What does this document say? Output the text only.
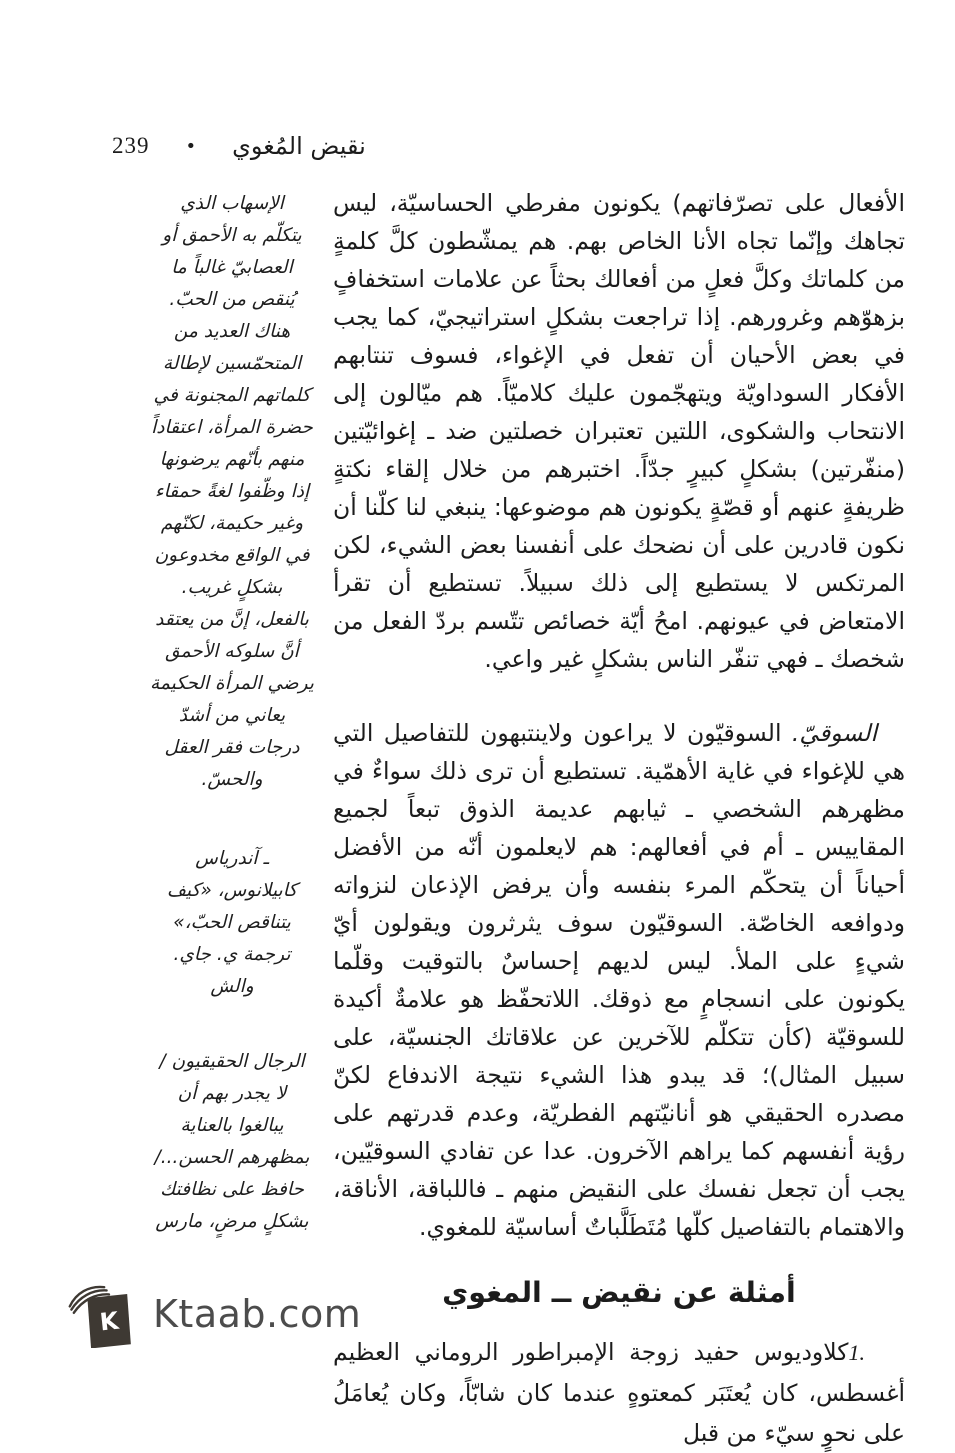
239 • نقيض المُغوي
الإسهاب الذي
يتكلّم به الأحمق أو
العصابيّ غالباً ما
يُنقص من الحبّ.
هناك العديد من
المتحمّسين لإطالة
كلماتهم المجنونة في
حضرة المرأة، اعتقاداً
منهم بأنّهم يرضونها
إذا وظّفوا لغةً حمقاء
وغير حكيمة، لكنّهم
في الواقع مخدوعون
بشكلٍ غريب.
بالفعل، إنَّ من يعتقد
أنَّ سلوكه الأحمق
يرضي المرأة الحكيمة
يعاني من أشدّ
درجات فقر العقل
والحسّ.
ـ آندرياس
كابيلانوس، «كيف
يتناقص الحبّ،»
ترجمة ي. جاي.
والش
الرجال الحقيقيون /
لا يجدر بهم أن
يبالغوا بالعناية
بمظهرهم الحسن.../
حافظ على نظافتك
بشكلٍ مرضٍ، مارس

الأفعال على تصرّفاتهم) يكونون مفرطي الحساسيّة، ليس تجاهك وإنّما تجاه الأنا الخاص بهم. هم يمشّطون كلَّ كلمةٍ من كلماتك وكلَّ فعلٍ من أفعالك بحثاً عن علامات استخفافٍ بزهوّهم وغرورهم. إذا تراجعت بشكلٍ استراتيجيّ، كما يجب في بعض الأحيان أن تفعل في الإغواء، فسوف تنتابهم الأفكار السوداويّة ويتهجّمون عليك كلاميّاً. هم ميّالون إلى الانتحاب والشكوى، اللتين تعتبران خصلتين ضد ـ إغوائيّتين (منفّرتين) بشكلٍ كبيرٍ جدّاً. اختبرهم من خلال إلقاء نكتةٍ ظريفةٍ عنهم أو قصّةٍ يكونون هم موضوعها: ينبغي لنا كلّنا أن نكون قادرين على أن نضحك على أنفسنا بعض الشيء، لكن المرتكس لا يستطيع إلى ذلك سبيلاً. تستطيع أن تقرأ الامتعاض في عيونهم. امحُ أيّة خصائص تتّسم بردّ الفعل من شخصك ـ فهي تنفّر الناس بشكلٍ غير واعي.

السوقيّ. السوقيّون لا يراعون ولاينتبهون للتفاصيل التي هي للإغواء في غاية الأهمّية. تستطيع أن ترى ذلك سواءٌ في مظهرهم الشخصي ـ ثيابهم عديمة الذوق تبعاً لجميع المقاييس ـ أم في أفعالهم: هم لايعلمون أنّه من الأفضل أحياناً أن يتحكّم المرء بنفسه وأن يرفض الإذعان لنزواته ودوافعه الخاصّة. السوقيّون سوف يثرثرون ويقولون أيّ شيءٍ على الملأ. ليس لديهم إحساسٌ بالتوقيت وقلّما يكونون على انسجامٍ مع ذوقك. اللاتحفّظ هو علامةٌ أكيدة للسوقيّة (كأن تتكلّم للآخرين عن علاقاتك الجنسيّة، على سبيل المثال)؛ قد يبدو هذا الشيء نتيجة الاندفاع لكنّ مصدره الحقيقي هو أنانيّتهم الفطريّة، وعدم قدرتهم على رؤية أنفسهم كما يراهم الآخرون. عدا عن تفادي السوقيّين، يجب أن تجعل نفسك على النقيض منهم ـ فاللباقة، الأناقة، والاهتمام بالتفاصيل كلّها مُتَطَلَّباتٌ أساسيّة للمغوي.

أمثلة عن نقيض ــ المغوي

1.كلاوديوس حفيد زوجة الإمبراطور الروماني العظيم أغسطس، كان يُعتَبَر كمعتوهٍ عندما كان شابّاً، وكان يُعامَلُ على نحوٍ سيّء من قبل

K Ktaab.com
